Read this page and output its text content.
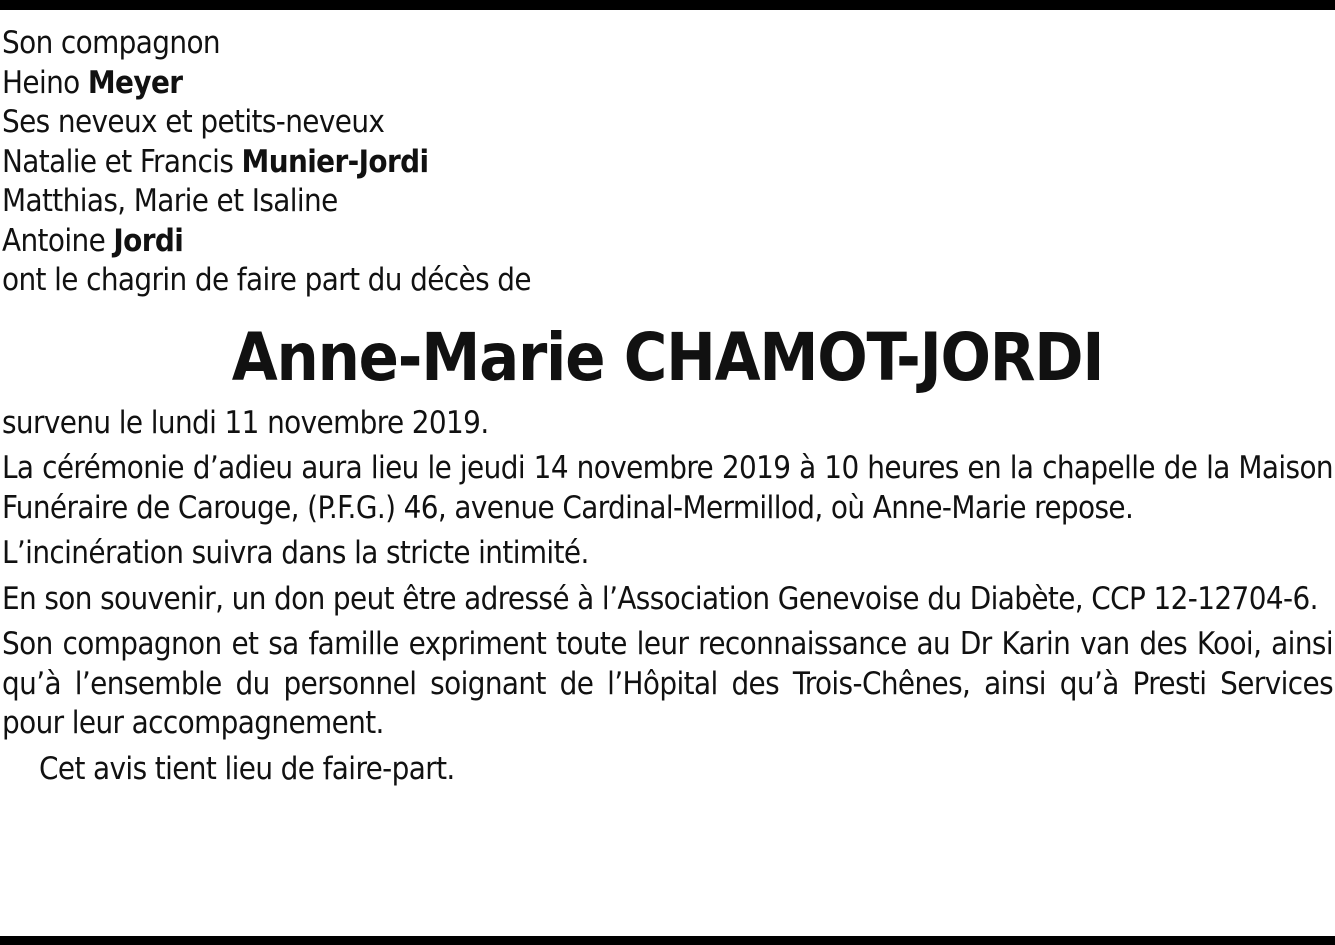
Son compagnon
Heino Meyer
Ses neveux et petits-neveux
Natalie et Francis Munier-Jordi
Matthias, Marie et Isaline
Antoine Jordi
ont le chagrin de faire part du décès de
Anne-Marie CHAMOT-JORDI
survenu le lundi 11 novembre 2019.
La cérémonie d’adieu aura lieu le jeudi 14 novembre 2019 à 10 heures en la chapelle de la Maison Funéraire de Carouge, (P.F.G.) 46, avenue Cardinal-Mermillod, où Anne-Marie repose.
L’incinération suivra dans la stricte intimité.
En son souvenir, un don peut être adressé à l’Association Genevoise du Diabète, CCP 12-12704-6.
Son compagnon et sa famille expriment toute leur reconnaissance au Dr Karin van des Kooi, ainsi qu’à l’ensemble du personnel soignant de l’Hôpital des Trois-Chênes, ainsi qu’à Presti Services pour leur accompagnement.
Cet avis tient lieu de faire-part.
